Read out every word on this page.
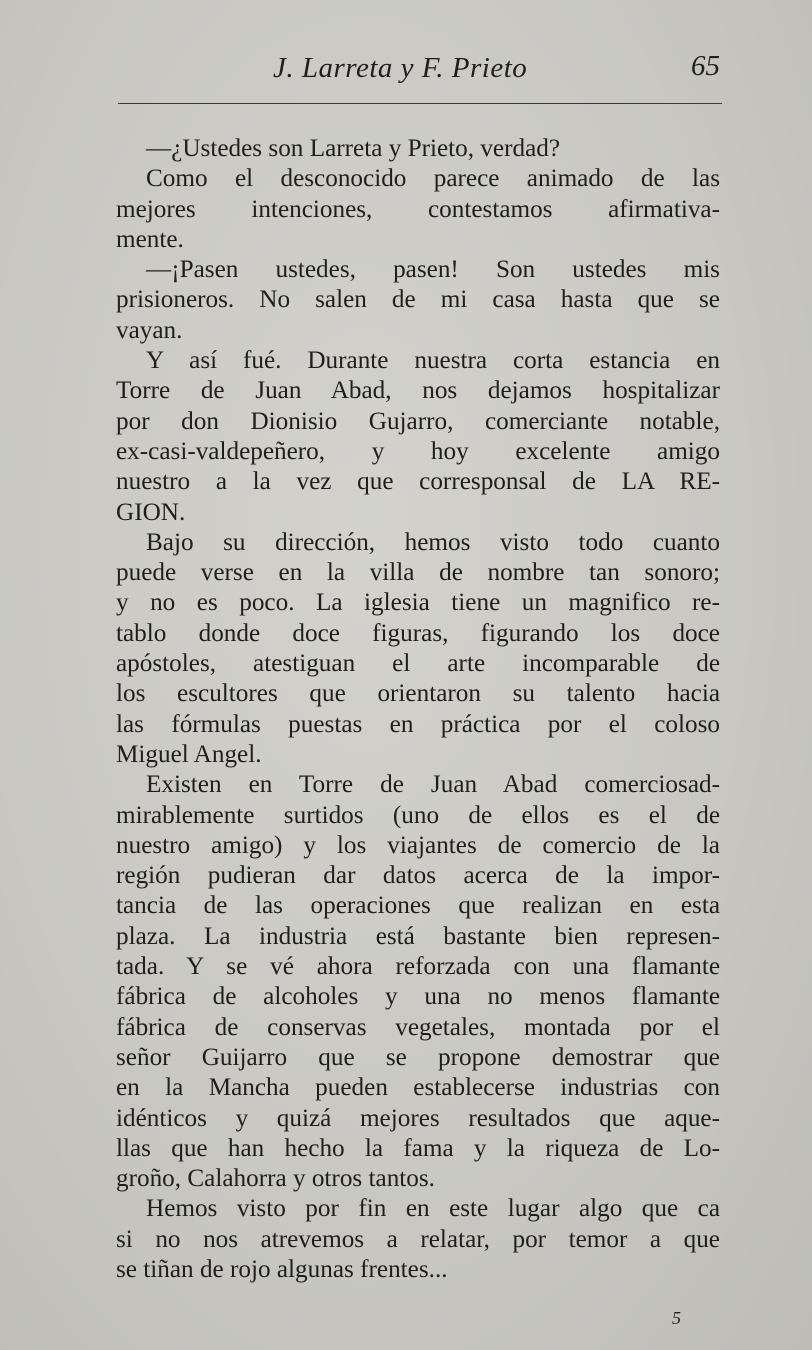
J. Larreta y F. Prieto	65
—¿Ustedes son Larreta y Prieto, verdad?
Como el desconocido parece animado de las
mejores intenciones, contestamos afirmativa-
mente.
—¡Pasen ustedes, pasen! Son ustedes mis
prisioneros. No salen de mi casa hasta que se
vayan.
Y así fué. Durante nuestra corta estancia en
Torre de Juan Abad, nos dejamos hospitalizar
por don Dionisio Gujarro, comerciante notable,
ex-casi-valdepeñero, y hoy excelente amigo
nuestro a la vez que corresponsal de LA RE-
GION.
Bajo su dirección, hemos visto todo cuanto
puede verse en la villa de nombre tan sonoro;
y no es poco. La iglesia tiene un magnifico re-
tablo donde doce figuras, figurando los doce
apóstoles, atestiguan el arte incomparable de
los escultores que orientaron su talento hacia
las fórmulas puestas en práctica por el coloso
Miguel Angel.
Existen en Torre de Juan Abad comerciosad-
mirablemente surtidos (uno de ellos es el de
nuestro amigo) y los viajantes de comercio de la
región pudieran dar datos acerca de la impor-
tancia de las operaciones que realizan en esta
plaza. La industria está bastante bien represen-
tada. Y se vé ahora reforzada con una flamante
fábrica de alcoholes y una no menos flamante
fábrica de conservas vegetales, montada por el
señor Guijarro que se propone demostrar que
en la Mancha pueden establecerse industrias con
idénticos y quizá mejores resultados que aque-
llas que han hecho la fama y la riqueza de Lo-
groño, Calahorra y otros tantos.
Hemos visto por fin en este lugar algo que ca
si no nos atrevemos a relatar, por temor a que
se tiñan de rojo algunas frentes...
5
